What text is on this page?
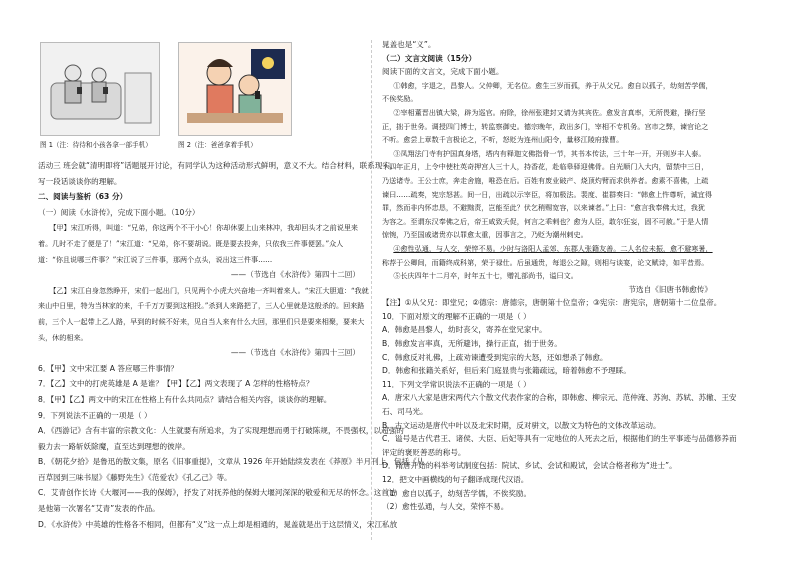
图 1（注：待待和小孩各拿一部手机）	图 2（注：爸爸拿着手机）
活动三 班会就“清明即将”话题展开讨论，有同学认为这种活动形式鲜明，意义不大。结合材料，联系现实，
写一段话谈谈你的理解。
二、阅读与鉴析（63 分）
（一）阅读《水浒传》，完成下面小题。（10分）
【甲】宋江听得，叫道：“兄弟，你这两个不干小心！你却休要上山来林冲，我却回头才之前说里来
着。几时不走了便是了！”宋江道：“兄弟，你不要胡说。既是要去投奔，只依我三件事便罢。”众人
道：“你且说哪三件事？”宋江说了三件事，那两个点头，说出这三件事……
——（节选自《水浒传》第四十二回）
【乙】宋江自身忽然睁开，宋们一起出门，只见两个小虎大兴奋地一齐叫着来人。“宋江大胆道：“我就
来山中日里，特为当林家的来，千千万万要到这相投。”杀到人来路把了，三人心里就是这般杀的。回来路
前，三个人一起带上乙人路，早到的时候不好来，见自当人来有什么大回，那里们只是要来相聚，要来大
头，休的相来。
——（节选自《水浒传》第四十三回）
6．【甲】文中宋江要 A 答应哪三件事情？
7．【乙】文中的打虎英雄是 A 是谁？【甲】【乙】两文表现了 A 怎样的性格特点？
8．【甲】【乙】两文中的宋江在性格上有什么共同点？请结合相关内容，谈谈你的理解。
9．下列说法不正确的一项是（ ）
A．《西游记》含有丰富的宗教文化：人生就要有所追求，为了实现理想而勇于打破陈规，不畏强权，以超强的
毅力去一路斩妖除魔，直至达到理想的彼岸。
B．《朝花夕拾》是鲁迅的散文集，原名《旧事重提》，文章从 1926 年开始陆续发表在《莽原》半月刊上，包括《从
百草园到三味书屋》《藤野先生》《范爱农》《孔乙己》等。
C．艾青创作长诗《大堰河——我的保姆》，抒发了对抚养他的保姆大堰河深深的敬爱和无尽的怀念。这首诗
是他第一次署名“艾青”发表的作品。
D．《水浒传》中英雄的性格各不相同，但都有“义”这一点上却是相通的，晁盖就是出于这层情义，宋江私放
晁盖也是“义”。
（二）文言文阅读（15分）
阅读下面的文言文，完成下面小题。
①韩愈，字退之，昌黎人。父仲卿，无名位。愈生三岁而孤，养于从父兄。愈自以孤子，幼刻苦学儒，
不俟奖励。
②宰相董晋出镇大梁，辟为巡官。府除，徐州张建封又请为其宾佐。愈发言真率，无所畏避，操行坚
正，拙于世务。调授四门博士，转监察御史。德宗晚年，政出多门，宰相不专机务。宫市之弊，谏官论之
不听。愈尝上章数千言极论之，不听，怒贬为连州山阳令，量移江陵府掾曹。
③凤翔法门寺有护国真身塔，塔内有释迦文佛指骨一节，其书本传法，三十年一开，开则岁丰人泰。
十四年正月，上令中使杜英奇押宫人三十人，持香花，赴临皋驿迎佛骨。自光顺门入大内，留禁中三日，
乃送诸寺。王公士庶，奔走舍施，唯恐在后。百姓有废业破产、烧顶灼臂而求供养者。愈素不喜佛，上疏
谏曰……疏奏，宪宗怒甚。间一日，出疏以示宰臣，将加极法。裴度、崔群奏曰：“韩愈上忤尊听，诚宜得
罪，然而非内怀忠恳，不避黜责，岂能至此？伏乞稍赐宽容，以来谏者。”上曰：“愈言我奉佛太过，我犹
为容之。至谓东汉奉佛之后，帝王咸致夭促，何言之乖剌也？愈为人臣，敢尔狂妄，固不可赦。”于是人情
惊惋，乃至国戚诸贵亦以罪愈太重，因事言之，乃贬为潮州刺史。
④愈性弘通，与人交，荣悴不易。少时与洛阳人孟郊、东郡人张籍友善。二人名位未振，愈不避寒暑，
称荐于公卿间，而籍终成科第，荣于禄仕。后虽通贵，每退公之隙，则相与谈宴，论文赋诗，如平昔焉。
⑤长庆四年十二月卒，时年五十七，赠礼部尚书，谥曰文。
节选自《旧唐书韩愈传》
【注】①从父兄：即堂兄；②德宗：唐德宗，唐朝第十位皇帝；③宪宗：唐宪宗，唐朝第十二位皇帝。
10．下面对原文的理解不正确的一项是（ ）
A．韩愈是昌黎人，幼时丧父，寄养在堂兄家中。
B．韩愈发言率真，无所避讳，操行正直，拙于世务。
C．韩愈反对礼佛，上疏劝谏遭受到宪宗的大怒，还如想杀了韩愈。
D．韩愈和张籍关系好，但后来门庭显贵与张籍疏远，暗着韩愈不予理睬。
11．下列文学常识说法不正确的一项是（ ）
A．唐宋八大家是唐宋两代六个散文代表作家的合称，即韩愈、柳宗元、范仲淹、苏洵、苏轼、苏辙、王安
石、司马光。
B．古文运动是唐代中叶以及北宋时期，反对骈文，以散文为特色的文体改革运动。
C．谥号是古代君王、诸侯、大臣、后妃等具有一定地位的人死去之后，根据他们的生平事迹与品德修养而
评定的褒贬善恶的称号。
D．隋唐开始的科举考试制度包括：院试、乡试、会试和殿试，会试合格者称为“进士”。
12．把文中画横线的句子翻译成现代汉语。
（1）愈自以孤子，幼刻苦学儒，不俟奖励。
（2）愈性弘通，与人交，荣悴不易。
